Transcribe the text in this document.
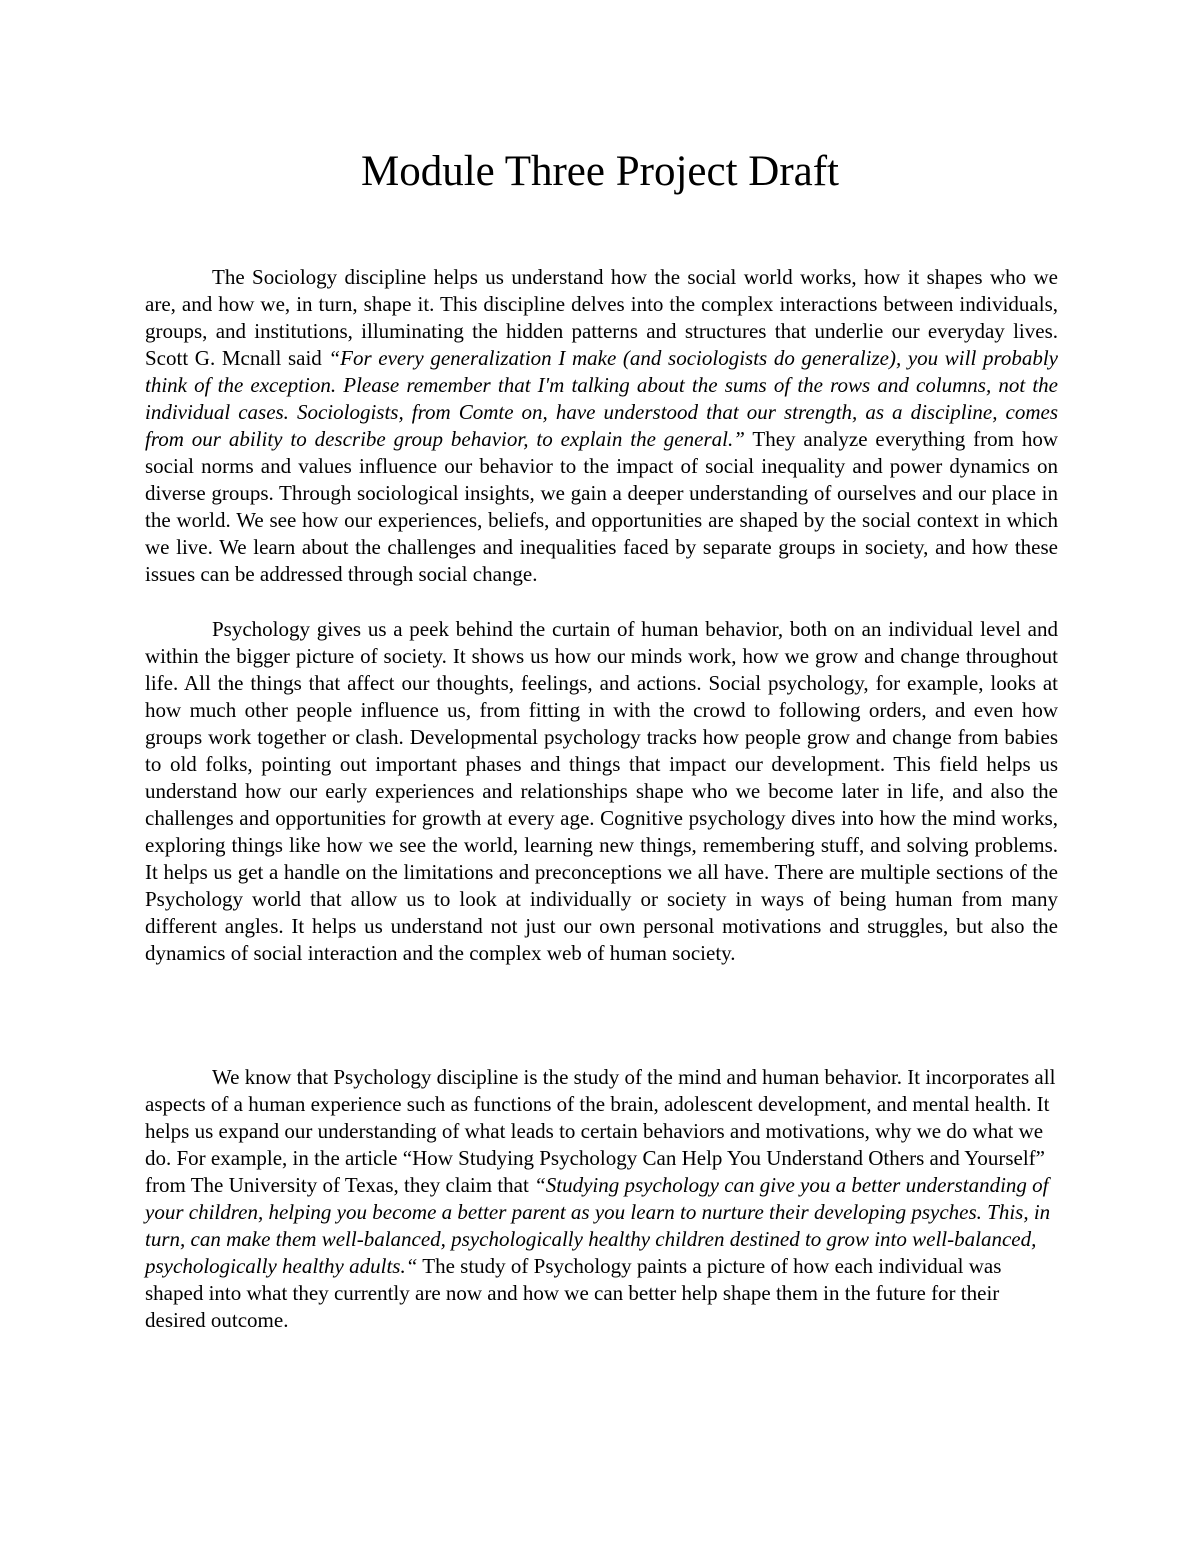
Module Three Project Draft

The Sociology discipline helps us understand how the social world works, how it shapes who we are, and how we, in turn, shape it. This discipline delves into the complex interactions between individuals, groups, and institutions, illuminating the hidden patterns and structures that underlie our everyday lives. Scott G. Mcnall said “For every generalization I make (and sociologists do generalize), you will probably think of the exception. Please remember that I'm talking about the sums of the rows and columns, not the individual cases. Sociologists, from Comte on, have understood that our strength, as a discipline, comes from our ability to describe group behavior, to explain the general.” They analyze everything from how social norms and values influence our behavior to the impact of social inequality and power dynamics on diverse groups. Through sociological insights, we gain a deeper understanding of ourselves and our place in the world. We see how our experiences, beliefs, and opportunities are shaped by the social context in which we live. We learn about the challenges and inequalities faced by separate groups in society, and how these issues can be addressed through social change.

Psychology gives us a peek behind the curtain of human behavior, both on an individual level and within the bigger picture of society. It shows us how our minds work, how we grow and change throughout life. All the things that affect our thoughts, feelings, and actions. Social psychology, for example, looks at how much other people influence us, from fitting in with the crowd to following orders, and even how groups work together or clash. Developmental psychology tracks how people grow and change from babies to old folks, pointing out important phases and things that impact our development. This field helps us understand how our early experiences and relationships shape who we become later in life, and also the challenges and opportunities for growth at every age. Cognitive psychology dives into how the mind works, exploring things like how we see the world, learning new things, remembering stuff, and solving problems. It helps us get a handle on the limitations and preconceptions we all have. There are multiple sections of the Psychology world that allow us to look at individually or society in ways of being human from many different angles. It helps us understand not just our own personal motivations and struggles, but also the dynamics of social interaction and the complex web of human society.

We know that Psychology discipline is the study of the mind and human behavior. It incorporates all aspects of a human experience such as functions of the brain, adolescent development, and mental health. It helps us expand our understanding of what leads to certain behaviors and motivations, why we do what we do. For example, in the article “How Studying Psychology Can Help You Understand Others and Yourself” from The University of Texas, they claim that “Studying psychology can give you a better understanding of your children, helping you become a better parent as you learn to nurture their developing psyches. This, in turn, can make them well-balanced, psychologically healthy children destined to grow into well-balanced, psychologically healthy adults.“ The study of Psychology paints a picture of how each individual was shaped into what they currently are now and how we can better help shape them in the future for their desired outcome.
